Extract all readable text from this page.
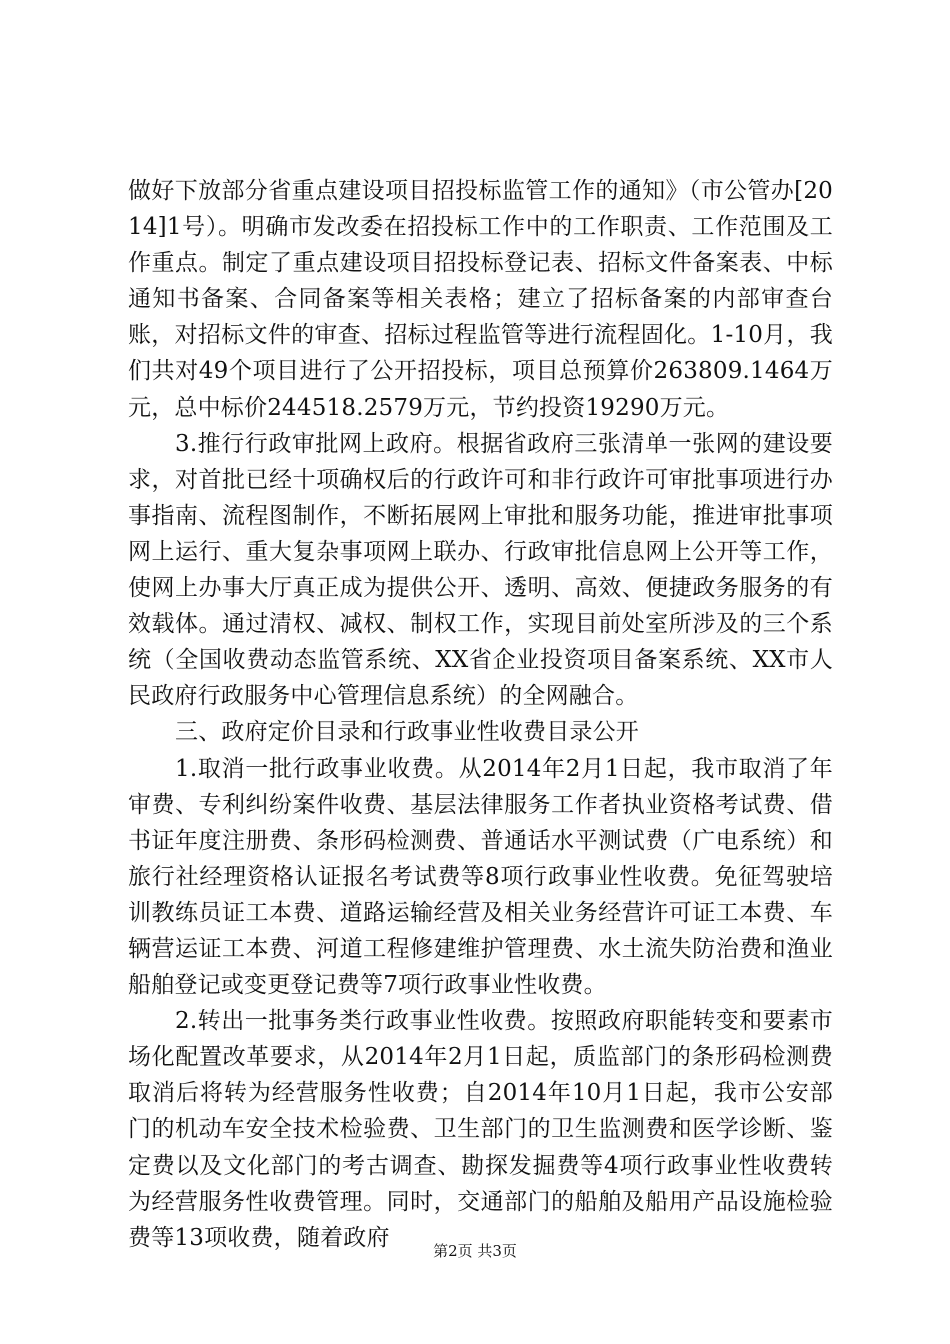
做好下放部分省重点建设项目招投标监管工作的通知》（市公管办[2014]1号）。明确市发改委在招投标工作中的工作职责、工作范围及工作重点。制定了重点建设项目招投标登记表、招标文件备案表、中标通知书备案、合同备案等相关表格；建立了招标备案的内部审查台账，对招标文件的审查、招标过程监管等进行流程固化。1-10月，我们共对49个项目进行了公开招投标，项目总预算价263809.1464万元，总中标价244518.2579万元，节约投资19290万元。

3.推行行政审批网上政府。根据省政府三张清单一张网的建设要求，对首批已经十项确权后的行政许可和非行政许可审批事项进行办事指南、流程图制作，不断拓展网上审批和服务功能，推进审批事项网上运行、重大复杂事项网上联办、行政审批信息网上公开等工作，使网上办事大厅真正成为提供公开、透明、高效、便捷政务服务的有效载体。通过清权、减权、制权工作，实现目前处室所涉及的三个系统（全国收费动态监管系统、XX省企业投资项目备案系统、XX市人民政府行政服务中心管理信息系统）的全网融合。

三、政府定价目录和行政事业性收费目录公开

1.取消一批行政事业收费。从2014年2月1日起，我市取消了年审费、专利纠纷案件收费、基层法律服务工作者执业资格考试费、借书证年度注册费、条形码检测费、普通话水平测试费（广电系统）和旅行社经理资格认证报名考试费等8项行政事业性收费。免征驾驶培训教练员证工本费、道路运输经营及相关业务经营许可证工本费、车辆营运证工本费、河道工程修建维护管理费、水土流失防治费和渔业船舶登记或变更登记费等7项行政事业性收费。

2.转出一批事务类行政事业性收费。按照政府职能转变和要素市场化配置改革要求，从2014年2月1日起，质监部门的条形码检测费取消后将转为经营服务性收费；自2014年10月1日起，我市公安部门的机动车安全技术检验费、卫生部门的卫生监测费和医学诊断、鉴定费以及文化部门的考古调查、勘探发掘费等4项行政事业性收费转为经营服务性收费管理。同时，交通部门的船舶及船用产品设施检验费等13项收费，随着政府

第2页 共3页
